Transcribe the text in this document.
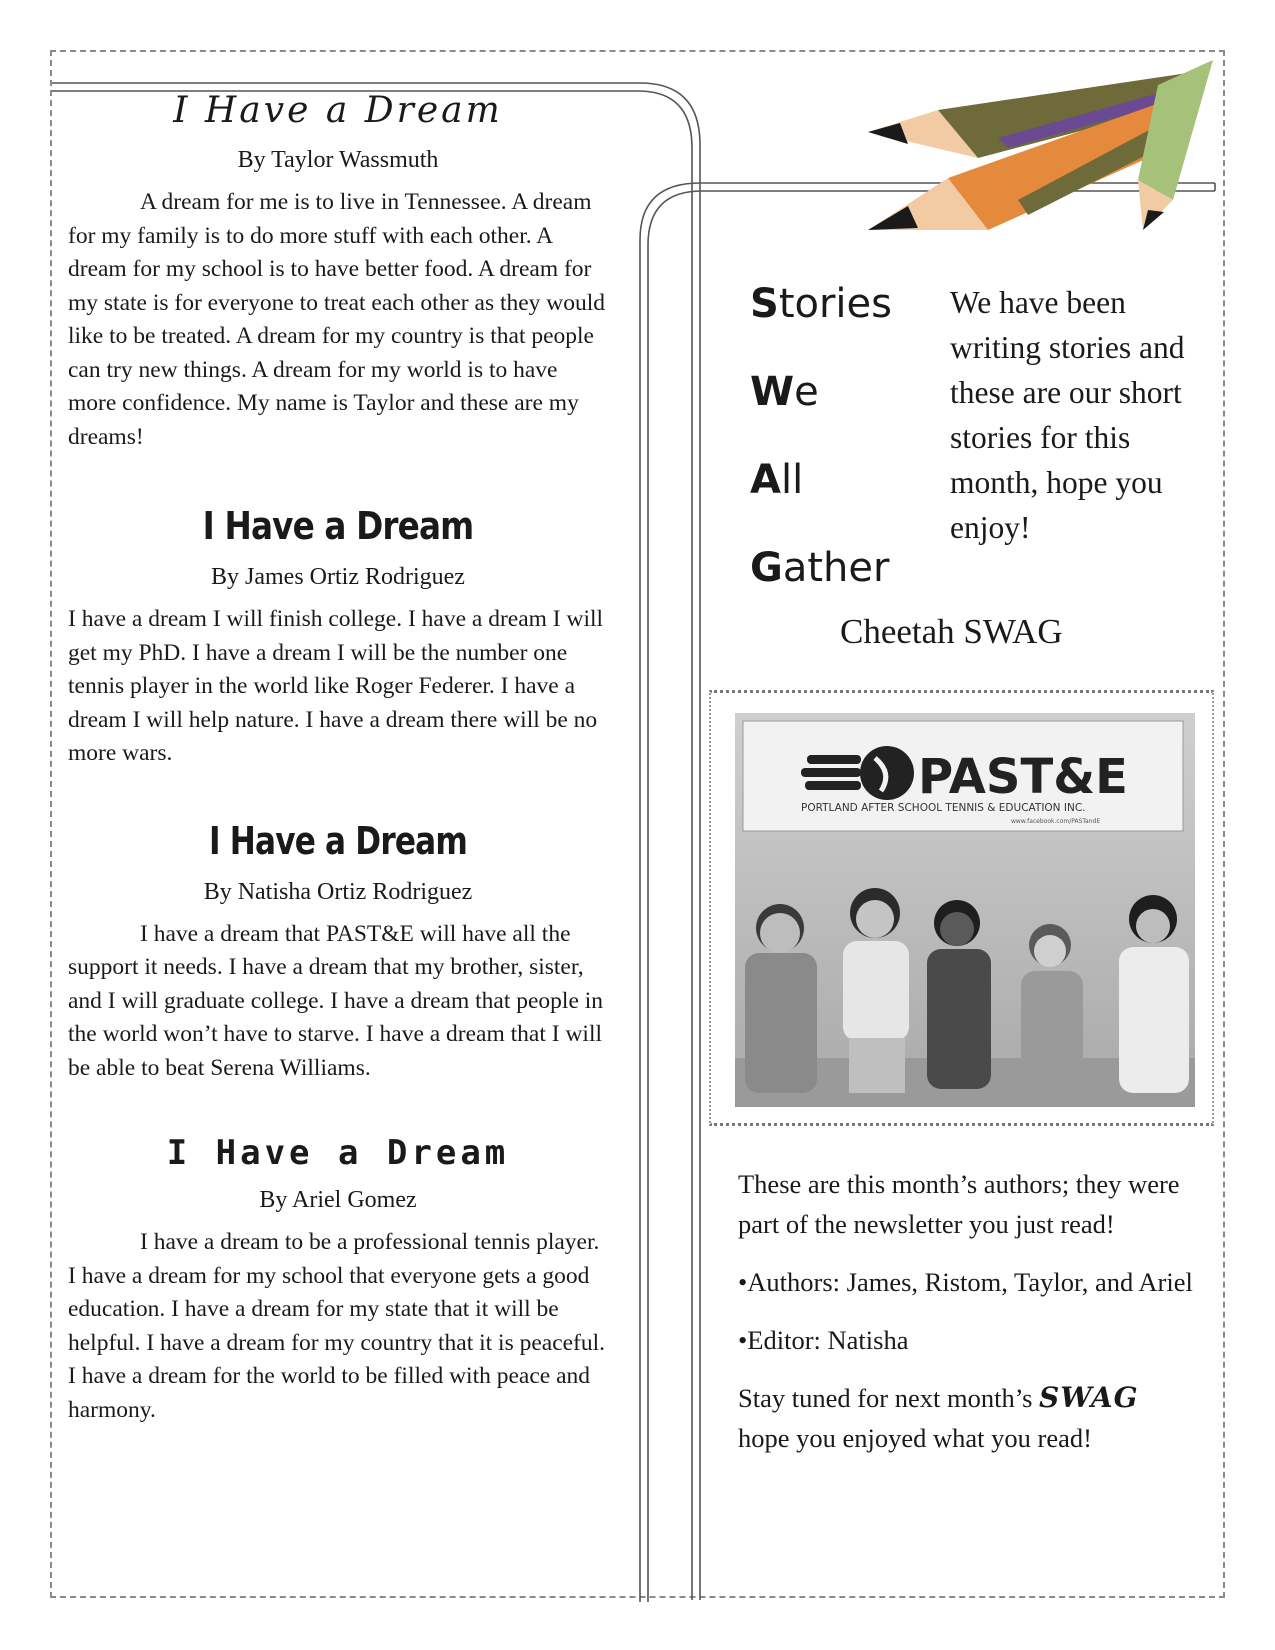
I Have a Dream

By Taylor Wassmuth

A dream for me is to live in Tennessee. A dream for my family is to do more stuff with each other. A dream for my school is to have better food. A dream for my state is for everyone to treat each other as they would like to be treated. A dream for my country is that people can try new things. A dream for my world is to have more confidence. My name is Taylor and these are my dreams!

I Have a Dream

By James Ortiz Rodriguez

I have a dream I will finish college. I have a dream I will get my PhD. I have a dream I will be the number one tennis player in the world like Roger Federer. I have a dream I will help nature. I have a dream there will be no more wars.

I Have a Dream

By Natisha Ortiz Rodriguez

I have a dream that PAST&E will have all the support it needs. I have a dream that my brother, sister, and I will graduate college. I have a dream that people in the world won’t have to starve. I have a dream that I will be able to beat Serena Williams.

I Have a Dream

By Ariel Gomez

I have a dream to be a professional tennis player. I have a dream for my school that everyone gets a good education. I have a dream for my state that it will be helpful. I have a dream for my country that it is peaceful. I have a dream for the world to be filled with peace and harmony.

Stories
We
All
Gather

We have been writing stories and these are our short stories for this month, hope you enjoy!

Cheetah SWAG

PAST&E
PORTLAND AFTER SCHOOL TENNIS & EDUCATION INC.
www.facebook.com/PASTandE

These are this month’s authors; they were part of the newsletter you just read!

•Authors: James, Ristom, Taylor, and Ariel

•Editor: Natisha

Stay tuned for next month’s SWAG
hope you enjoyed what you read!
